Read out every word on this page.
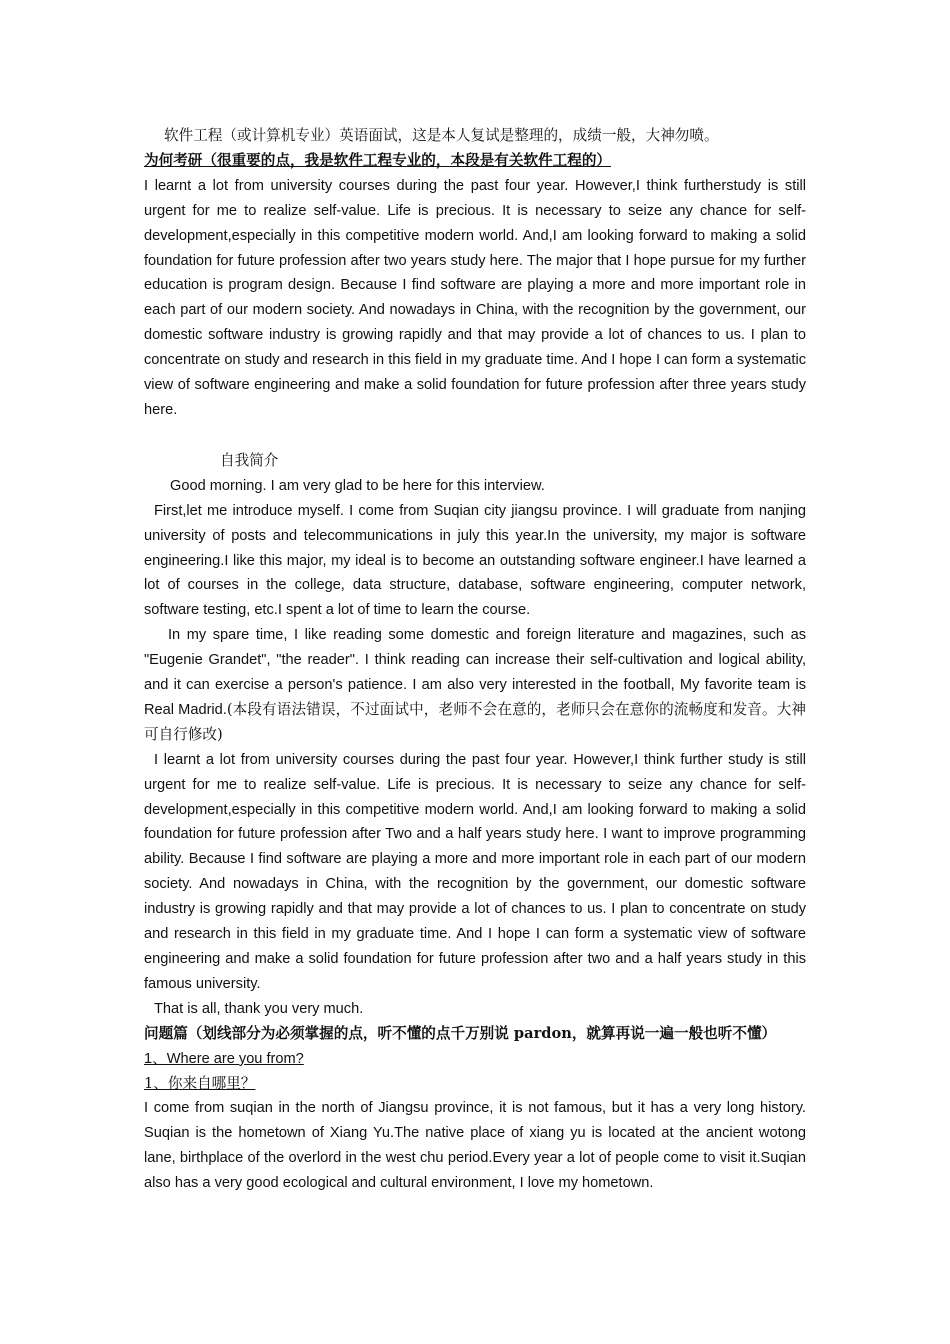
软件工程（或计算机专业）英语面试，这是本人复试是整理的，成绩一般，大神勿喷。

为何考研（很重要的点，我是软件工程专业的，本段是有关软件工程的）

I learnt a lot from university courses during the past four year. However,I think furtherstudy is still urgent for me to realize self-value. Life is precious. It is necessary to seize any chance for self-development,especially in this competitive modern world. And,I am looking forward to making a solid foundation for future profession after two years study here. The major that I hope pursue for my further education is program design. Because I find software are playing a more and more important role in each part of our modern society. And nowadays in China, with the recognition by the government, our domestic software industry is growing rapidly and that may provide a lot of chances to us. I plan to concentrate on study and research in this field in my graduate time. And I hope I can form a systematic view of software engineering and make a solid foundation for future profession after three years study here.

自我简介

Good morning. I am very glad to be here for this interview.

First,let me introduce myself. I come from Suqian city jiangsu province. I will graduate from nanjing university of posts and telecommunications in july this year.In the university, my major is software engineering.I like this major, my ideal is to become an outstanding software engineer.I have learned a lot of courses in the college, data structure, database, software engineering, computer network, software testing, etc.I spent a lot of time to learn the course.

In my spare time, I like reading some domestic and foreign literature and magazines, such as "Eugenie Grandet", "the reader". I think reading can increase their self-cultivation and logical ability, and it can exercise a person's patience. I am also very interested in the football, My favorite team is Real Madrid.(本段有语法错误，不过面试中，老师不会在意的，老师只会在意你的流畅度和发音。大神可自行修改)

I learnt a lot from university courses during the past four year. However,I think further study is still urgent for me to realize self-value. Life is precious. It is necessary to seize any chance for self-development,especially in this competitive modern world. And,I am looking forward to making a solid foundation for future profession after Two and a half years study here. I want to improve programming ability. Because I find software are playing a more and more important role in each part of our modern society. And nowadays in China, with the recognition by the government, our domestic software industry is growing rapidly and that may provide a lot of chances to us. I plan to concentrate on study and research in this field in my graduate time. And I hope I can form a systematic view of software engineering and make a solid foundation for future profession after two and a half years study in this famous university.

That is all, thank you very much.

问题篇（划线部分为必须掌握的点，听不懂的点千万别说 pardon，就算再说一遍一般也听不懂）

1、Where are you from?

1、你来自哪里？

I come from suqian in the north of Jiangsu province, it is not famous, but it has a very long history. Suqian is the hometown of Xiang Yu.The native place of xiang yu is located at the ancient wotong lane, birthplace of the overlord in the west chu period.Every year a lot of people come to visit it.Suqian also has a very good ecological and cultural environment, I love my hometown.
